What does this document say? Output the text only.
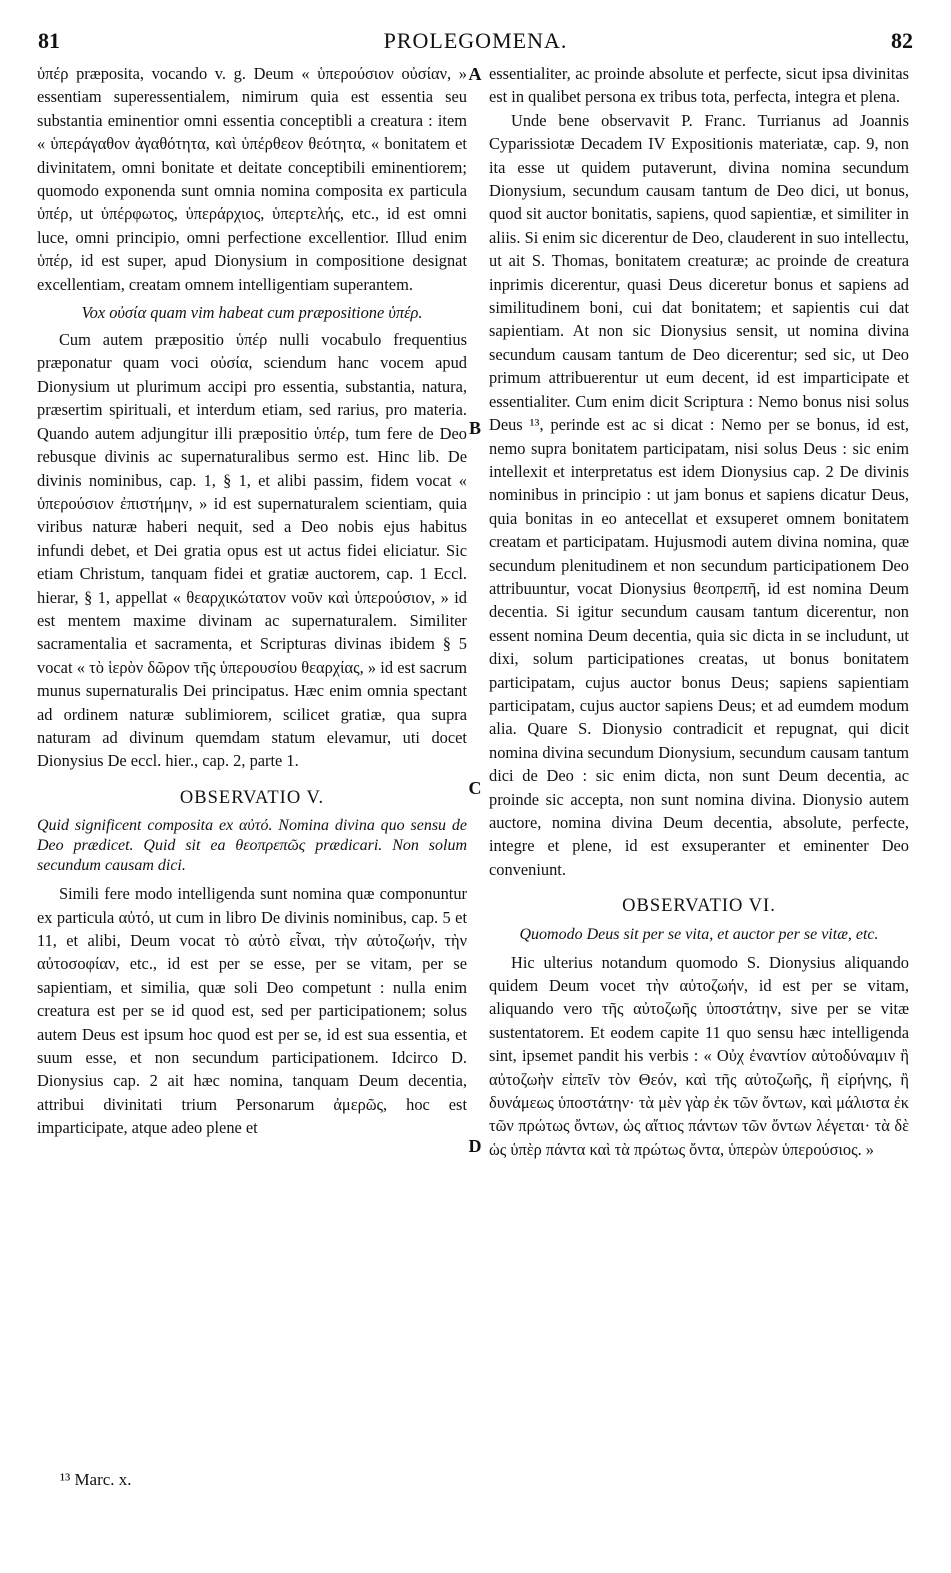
81	PROLEGOMENA.	82
A
B
C
D

ὑπέρ præposita, vocando v. g. Deum « ὑπερούσιον οὐσίαν, » essentiam superessentialem, nimirum quia est essentia seu substantia eminentior omni essentia conceptibli a creatura : item « ὑπεράγαθον ἀγαθότητα, καὶ ὑπέρθεον θεότητα, « bonitatem et divinitatem, omni bonitate et deitate conceptibili eminentiorem; quomodo exponenda sunt omnia nomina composita ex particula ὑπέρ, ut ὑπέρφωτος, ὑπεράρχιος, ὑπερτελής, etc., id est omni luce, omni principio, omni perfectione excellentior. Illud enim ὑπέρ, id est super, apud Dionysium in compositione designat excellentiam, creatam omnem intelligentiam superantem.

Vox οὐσία quam vim habeat cum præpositione ὑπέρ.

Cum autem præpositio ὑπέρ nulli vocabulo frequentius præponatur quam voci οὐσία, sciendum hanc vocem apud Dionysium ut plurimum accipi pro essentia, substantia, natura, præsertim spirituali, et interdum etiam, sed rarius, pro materia. Quando autem adjungitur illi præpositio ὑπέρ, tum fere de Deo rebusque divinis ac supernaturalibus sermo est. Hinc lib. De divinis nominibus, cap. 1, § 1, et alibi passim, fidem vocat « ὑπερούσιον ἐπιστήμην, » id est supernaturalem scientiam, quia viribus naturæ haberi nequit, sed a Deo nobis ejus habitus infundi debet, et Dei gratia opus est ut actus fidei eliciatur. Sic etiam Christum, tanquam fidei et gratiæ auctorem, cap. 1 Eccl. hierar, § 1, appellat « θεαρχικώτατον νοῦν καὶ ὑπερούσιον, » id est mentem maxime divinam ac supernaturalem. Similiter sacramentalia et sacramenta, et Scripturas divinas ibidem § 5 vocat « τὸ ἱερὸν δῶρον τῆς ὑπερουσίου θεαρχίας, » id est sacrum munus supernaturalis Dei principatus. Hæc enim omnia spectant ad ordinem naturæ sublimiorem, scilicet gratiæ, qua supra naturam ad divinum quemdam statum elevamur, uti docet Dionysius De eccl. hier., cap. 2, parte 1.

OBSERVATIO V.

Quid significent composita ex αὐτό. Nomina divina quo sensu de Deo prædicet. Quid sit ea θεοπρεπῶς prædicari. Non solum secundum causam dici.

Simili fere modo intelligenda sunt nomina quæ componuntur ex particula αὐτό, ut cum in libro De divinis nominibus, cap. 5 et 11, et alibi, Deum vocat τὸ αὐτὸ εἶναι, τὴν αὐτοζωήν, τὴν αὐτοσοφίαν, etc., id est per se esse, per se vitam, per se sapientiam, et similia, quæ soli Deo competunt : nulla enim creatura est per se id quod est, sed per participationem; solus autem Deus est ipsum hoc quod est per se, id est sua essentia, et suum esse, et non secundum participationem. Idcirco D. Dionysius cap. 2 ait hæc nomina, tanquam Deum decentia, attribui divinitati trium Personarum ἀμερῶς, hoc est imparticipate, atque adeo plene et

essentialiter, ac proinde absolute et perfecte, sicut ipsa divinitas est in qualibet persona ex tribus tota, perfecta, integra et plena.

Unde bene observavit P. Franc. Turrianus ad Joannis Cyparissiotæ Decadem IV Expositionis materiatæ, cap. 9, non ita esse ut quidem putaverunt, divina nomina secundum Dionysium, secundum causam tantum de Deo dici, ut bonus, quod sit auctor bonitatis, sapiens, quod sapientiæ, et similiter in aliis. Si enim sic dicerentur de Deo, clauderent in suo intellectu, ut ait S. Thomas, bonitatem creaturæ; ac proinde de creatura inprimis dicerentur, quasi Deus diceretur bonus et sapiens ad similitudinem boni, cui dat bonitatem; et sapientis cui dat sapientiam. At non sic Dionysius sensit, ut nomina divina secundum causam tantum de Deo dicerentur; sed sic, ut Deo primum attribuerentur ut eum decent, id est imparticipate et essentialiter. Cum enim dicit Scriptura : Nemo bonus nisi solus Deus ¹³, perinde est ac si dicat : Nemo per se bonus, id est, nemo supra bonitatem participatam, nisi solus Deus : sic enim intellexit et interpretatus est idem Dionysius cap. 2 De divinis nominibus in principio : ut jam bonus et sapiens dicatur Deus, quia bonitas in eo antecellat et exsuperet omnem bonitatem creatam et participatam. Hujusmodi autem divina nomina, quæ secundum plenitudinem et non secundum participationem Deo attribuuntur, vocat Dionysius θεοπρεπῆ, id est nomina Deum decentia. Si igitur secundum causam tantum dicerentur, non essent nomina Deum decentia, quia sic dicta in se includunt, ut dixi, solum participationes creatas, ut bonus bonitatem participatam, cujus auctor bonus Deus; sapiens sapientiam participatam, cujus auctor sapiens Deus; et ad eumdem modum alia. Quare S. Dionysio contradicit et repugnat, qui dicit nomina divina secundum Dionysium, secundum causam tantum dici de Deo : sic enim dicta, non sunt Deum decentia, ac proinde sic accepta, non sunt nomina divina. Dionysio autem auctore, nomina divina Deum decentia, absolute, perfecte, integre et plene, id est exsuperanter et eminenter Deo conveniunt.

OBSERVATIO VI.

Quomodo Deus sit per se vita, et auctor per se vitæ, etc.

Hic ulterius notandum quomodo S. Dionysius aliquando quidem Deum vocet τὴν αὐτοζωήν, id est per se vitam, aliquando vero τῆς αὐτοζωῆς ὑποστάτην, sive per se vitæ sustentatorem. Et eodem capite 11 quo sensu hæc intelligenda sint, ipsemet pandit his verbis : « Οὐχ ἐναντίον αὐτοδύναμιν ἢ αὐτοζωὴν εἰπεῖν τὸν Θεόν, καὶ τῆς αὐτοζωῆς, ἢ εἰρήνης, ἢ δυνάμεως ὑποστάτην· τὰ μὲν γὰρ ἐκ τῶν ὄντων, καὶ μάλιστα ἐκ τῶν πρώτως ὄντων, ὡς αἴτιος πάντων τῶν ὄντων λέγεται· τὰ δὲ ὡς ὑπὲρ πάντα καὶ τὰ πρώτως ὄντα, ὑπερὼν ὑπερούσιος. »

¹³ Marc. x.
